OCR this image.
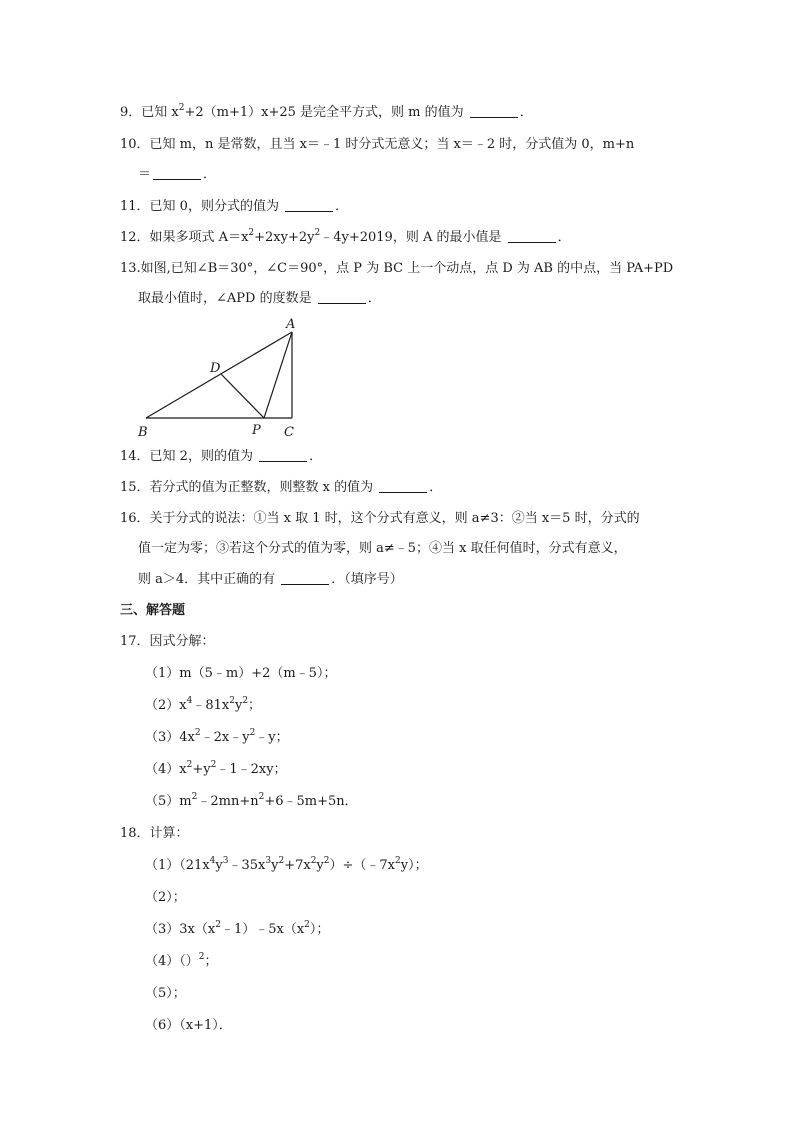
9．已知 $x^2+2(m+1)x+25$ 是完全平方式，则 m 的值为	．
10．已知 m，n 是常数，且当 x＝﹣1 时分式无意义；当 x＝﹣2 时，分式值为 0，m+n
＝	．
11．已知 0，则分式的值为	．
12．如果多项式 $A=x^2+2xy+2y^2﹣4y+2019$，则 A 的最小值是	．
13.如图,已知∠B＝30°，∠C＝90°，点 P 为 BC 上一个动点，点 D 为 AB 的中点，当 PA+PD
取最小值时，∠APD 的度数是	．
A
B	C
D
P
14．已知 2，则的值为	．
15．若分式的值为正整数，则整数 x 的值为	．
16．关于分式的说法：①当 x 取 1 时，这个分式有意义，则 a≠3：②当 x＝5 时，分式的
值一定为零；③若这个分式的值为零，则 a≠﹣5；④当 x 取任何值时，分式有意义，
则 a＞4．其中正确的有	．（填序号）
三、解答题
17．因式分解：
（1）m（5﹣m）+2（m﹣5）；
$(2)x^4﹣81x^2y^2$；
$(3)4x^2﹣2x﹣y^2﹣y$；
$(4)x^2+y^2﹣1﹣2xy$；
$(5)m^2﹣2mn+n^2+6﹣5m+5n$．
18．计算：
$(1)(21x^4y^3﹣35x^3y^2+7x^2y^2)\div(﹣7x^2y)$；
（2）；
$(3)3x(x^2﹣1)﹣5x(x^2)$；
（4）（）$^2$；
（5）；
（6）（x+1）．
